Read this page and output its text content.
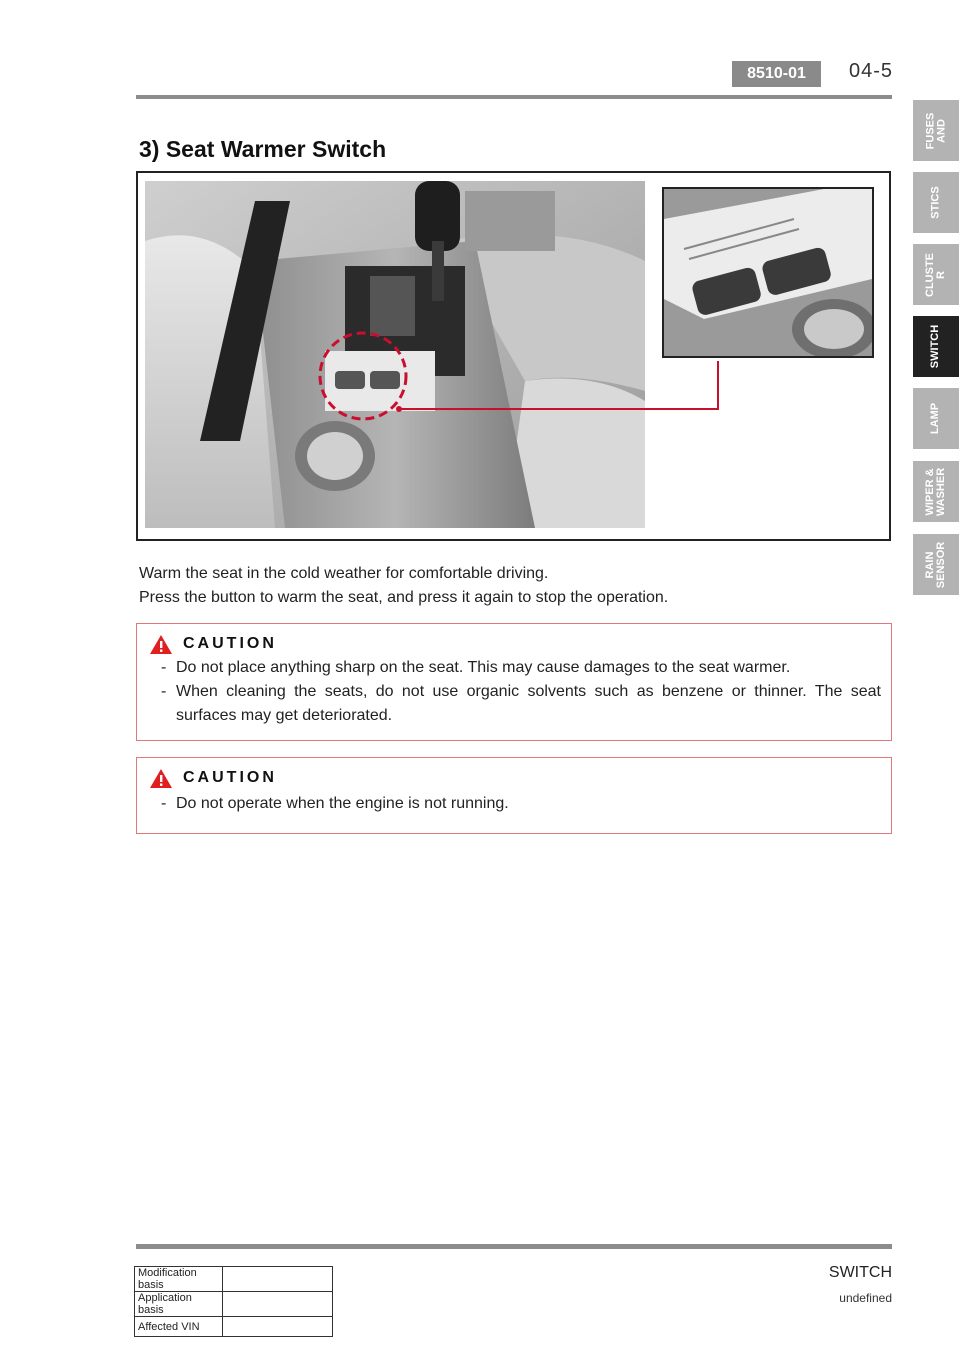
8510-01	04-5
3) Seat Warmer Switch
Warm the seat in the cold weather for comfortable driving.
Press the button to warm the seat, and press it again to stop the operation.
CAUTION
- Do not place anything sharp on the seat. This may cause damages to the seat warmer.
- When cleaning the seats, do not use organic solvents such as benzene or thinner. The seat surfaces may get deteriorated.
CAUTION
- Do not operate when the engine is not running.
FUSES
AND
STICS
CLUSTE
R
SWITCH
LAMP
WIPER &
WASHER
RAIN
SENSOR
SWITCH
undefined
Modification basis	
Application basis	
Affected VIN	
